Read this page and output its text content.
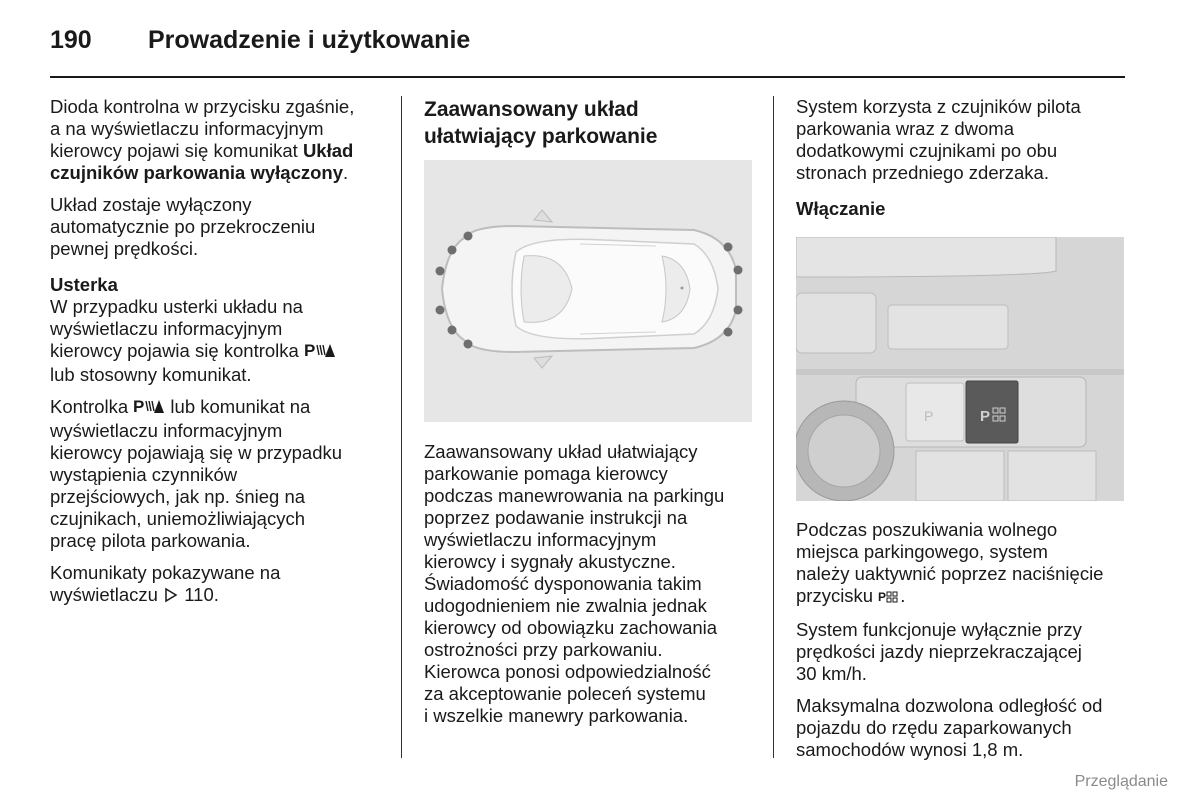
190 Prowadzenie i użytkowanie

Dioda kontrolna w przycisku zgaśnie,
a na wyświetlaczu informacyjnym
kierowcy pojawi się komunikat Układ
czujników parkowania wyłączony.

Układ zostaje wyłączony
automatycznie po przekroczeniu
pewnej prędkości.

Usterka
W przypadku usterki układu na
wyświetlaczu informacyjnym
kierowcy pojawia się kontrolka P
lub stosowny komunikat.

Kontrolka P lub komunikat na
wyświetlaczu informacyjnym
kierowcy pojawiają się w przypadku
wystąpienia czynników
przejściowych, jak np. śnieg na
czujnikach, uniemożliwiających
pracę pilota parkowania.

Komunikaty pokazywane na
wyświetlaczu  110.

Zaawansowany układ
ułatwiający parkowanie

Zaawansowany układ ułatwiający
parkowanie pomaga kierowcy
podczas manewrowania na parkingu
poprzez podawanie instrukcji na
wyświetlaczu informacyjnym
kierowcy i sygnały akustyczne.
Świadomość dysponowania takim
udogodnieniem nie zwalnia jednak
kierowcy od obowiązku zachowania
ostrożności przy parkowaniu.
Kierowca ponosi odpowiedzialność
za akceptowanie poleceń systemu
i wszelkie manewry parkowania.

System korzysta z czujników pilota
parkowania wraz z dwoma
dodatkowymi czujnikami po obu
stronach przedniego zderzaka.

Włączanie
P	P

Podczas poszukiwania wolnego
miejsca parkingowego, system
należy uaktywnić poprzez naciśnięcie
przycisku P .

System funkcjonuje wyłącznie przy
prędkości jazdy nieprzekraczającej
30 km/h.

Maksymalna dozwolona odległość od
pojazdu do rzędu zaparkowanych
samochodów wynosi 1,8 m.

Przeglądanie
